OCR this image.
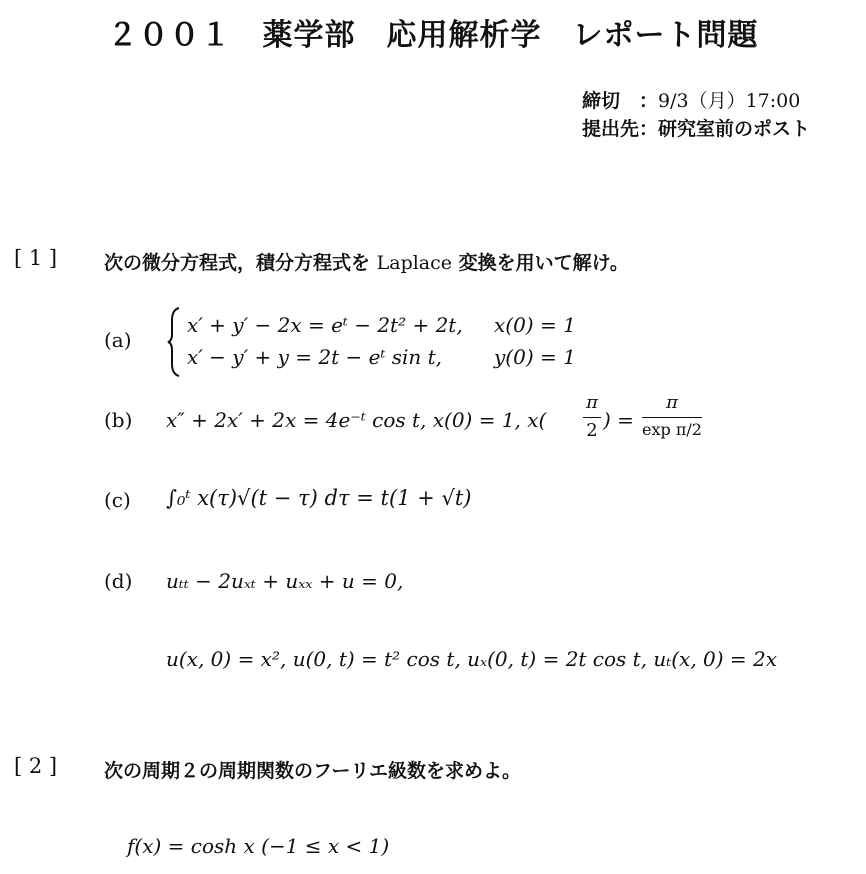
２００１　薬学部　応用解析学　レポート問題
締切　：9/3（月）17:00
提出先：研究室前のポスト
[ 1 ] 次の微分方程式，積分方程式を Laplace 変換を用いて解け。
(a)
x′ + y′ − 2x = eᵗ − 2t² + 2t, x(0) = 1
x′ − y′ + y = 2t − eᵗ sin t,	y(0) = 1
(b) x″ + 2x′ + 2x = 4e⁻ᵗ cos t, x(0) = 1, x(
π
2 ) =
π
exp π/2
(c) ∫₀ᵗ x(τ)√(t − τ) dτ = t(1 + √t)
(d) uₜₜ − 2uₓₜ + uₓₓ + u = 0,
u(x, 0) = x², u(0, t) = t² cos t, uₓ(0, t) = 2t cos t, uₜ(x, 0) = 2x
[ 2 ] 次の周期２の周期関数のフーリエ級数を求めよ。
f(x) = cosh x (−1 ≤ x < 1)
